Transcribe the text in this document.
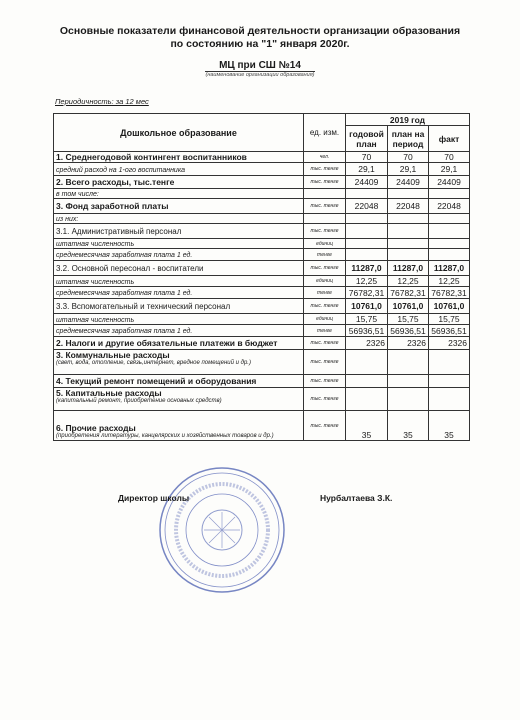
Основные показатели финансовой деятельности организации образования
по состоянию на "1" января 2020г.
МЦ при СШ №14
(наименование организации образования)
Периодичность: за 12 мес
Дошкольное образование	ед. изм.	2019 год		
		годовой план	план на период	факт
1. Среднегодовой контингент воспитанников	чел.	70	70	70
средний расход на 1-ого воспитанника	тыс. тенге	29,1	29,1	29,1
2. Всего расходы, тыс.тенге	тыс. тенге	24409	24409	24409
в том числе:				
3. Фонд заработной платы	тыс. тенге	22048	22048	22048
из них:				
3.1. Административный персонал	тыс. тенге			
штатная численность	единиц			
среднемесячная заработная плата 1 ед.	тенге			
3.2. Основной пересонал - воспитатели	тыс. тенге	11287,0	11287,0	11287,0
штатная численность	единиц	12,25	12,25	12,25
среднемесячная заработная плата 1 ед.	тенге	76782,31	76782,31	76782,31
3.3. Вспомогательный и технический персонал	тыс. тенге	10761,0	10761,0	10761,0
штатная численность	единиц	15,75	15,75	15,75
среднемесячная заработная плата 1 ед.	тенге	56936,51	56936,51	56936,51
2. Налоги и другие обязательные платежи в бюджет	тыс. тенге	2326	2326	2326
3. Коммунальные расходы
(свет, вода, отопление, связь,интернет, вредное помещений и др.)	тыс. тенге			
4. Текущий ремонт помещений и оборудования	тыс. тенге			
5. Капитальные расходы
(капитальный ремонт, приобретение основных средств)	тыс. тенге			
6. Прочие расходы
(приобретения литературы, канцелярских и хозяйственных товаров и др.)	тыс. тенге	35	35	35
Директор школы	Нурбалтаева З.К.
